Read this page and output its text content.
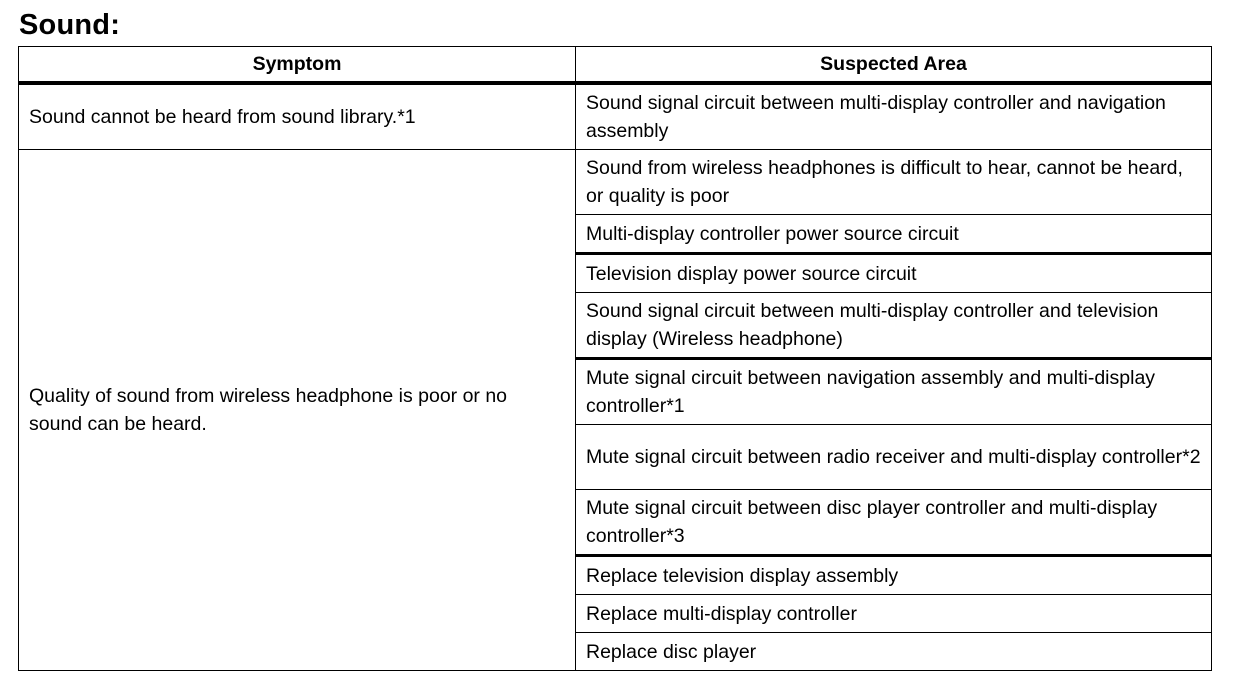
Sound:
Symptom	Suspected Area
Sound cannot be heard from sound library.*1	Sound signal circuit between multi-display controller and navigation assembly
Quality of sound from wireless headphone is poor or no sound can be heard.	Sound from wireless headphones is difficult to hear, cannot be heard, or quality is poor
	Multi-display controller power source circuit
	Television display power source circuit
	Sound signal circuit between multi-display controller and television display (Wireless headphone)
	Mute signal circuit between navigation assembly and multi-display controller*1
	Mute signal circuit between radio receiver and multi-display controller*2
	Mute signal circuit between disc player controller and multi-display controller*3
	Replace television display assembly
	Replace multi-display controller
	Replace disc player
